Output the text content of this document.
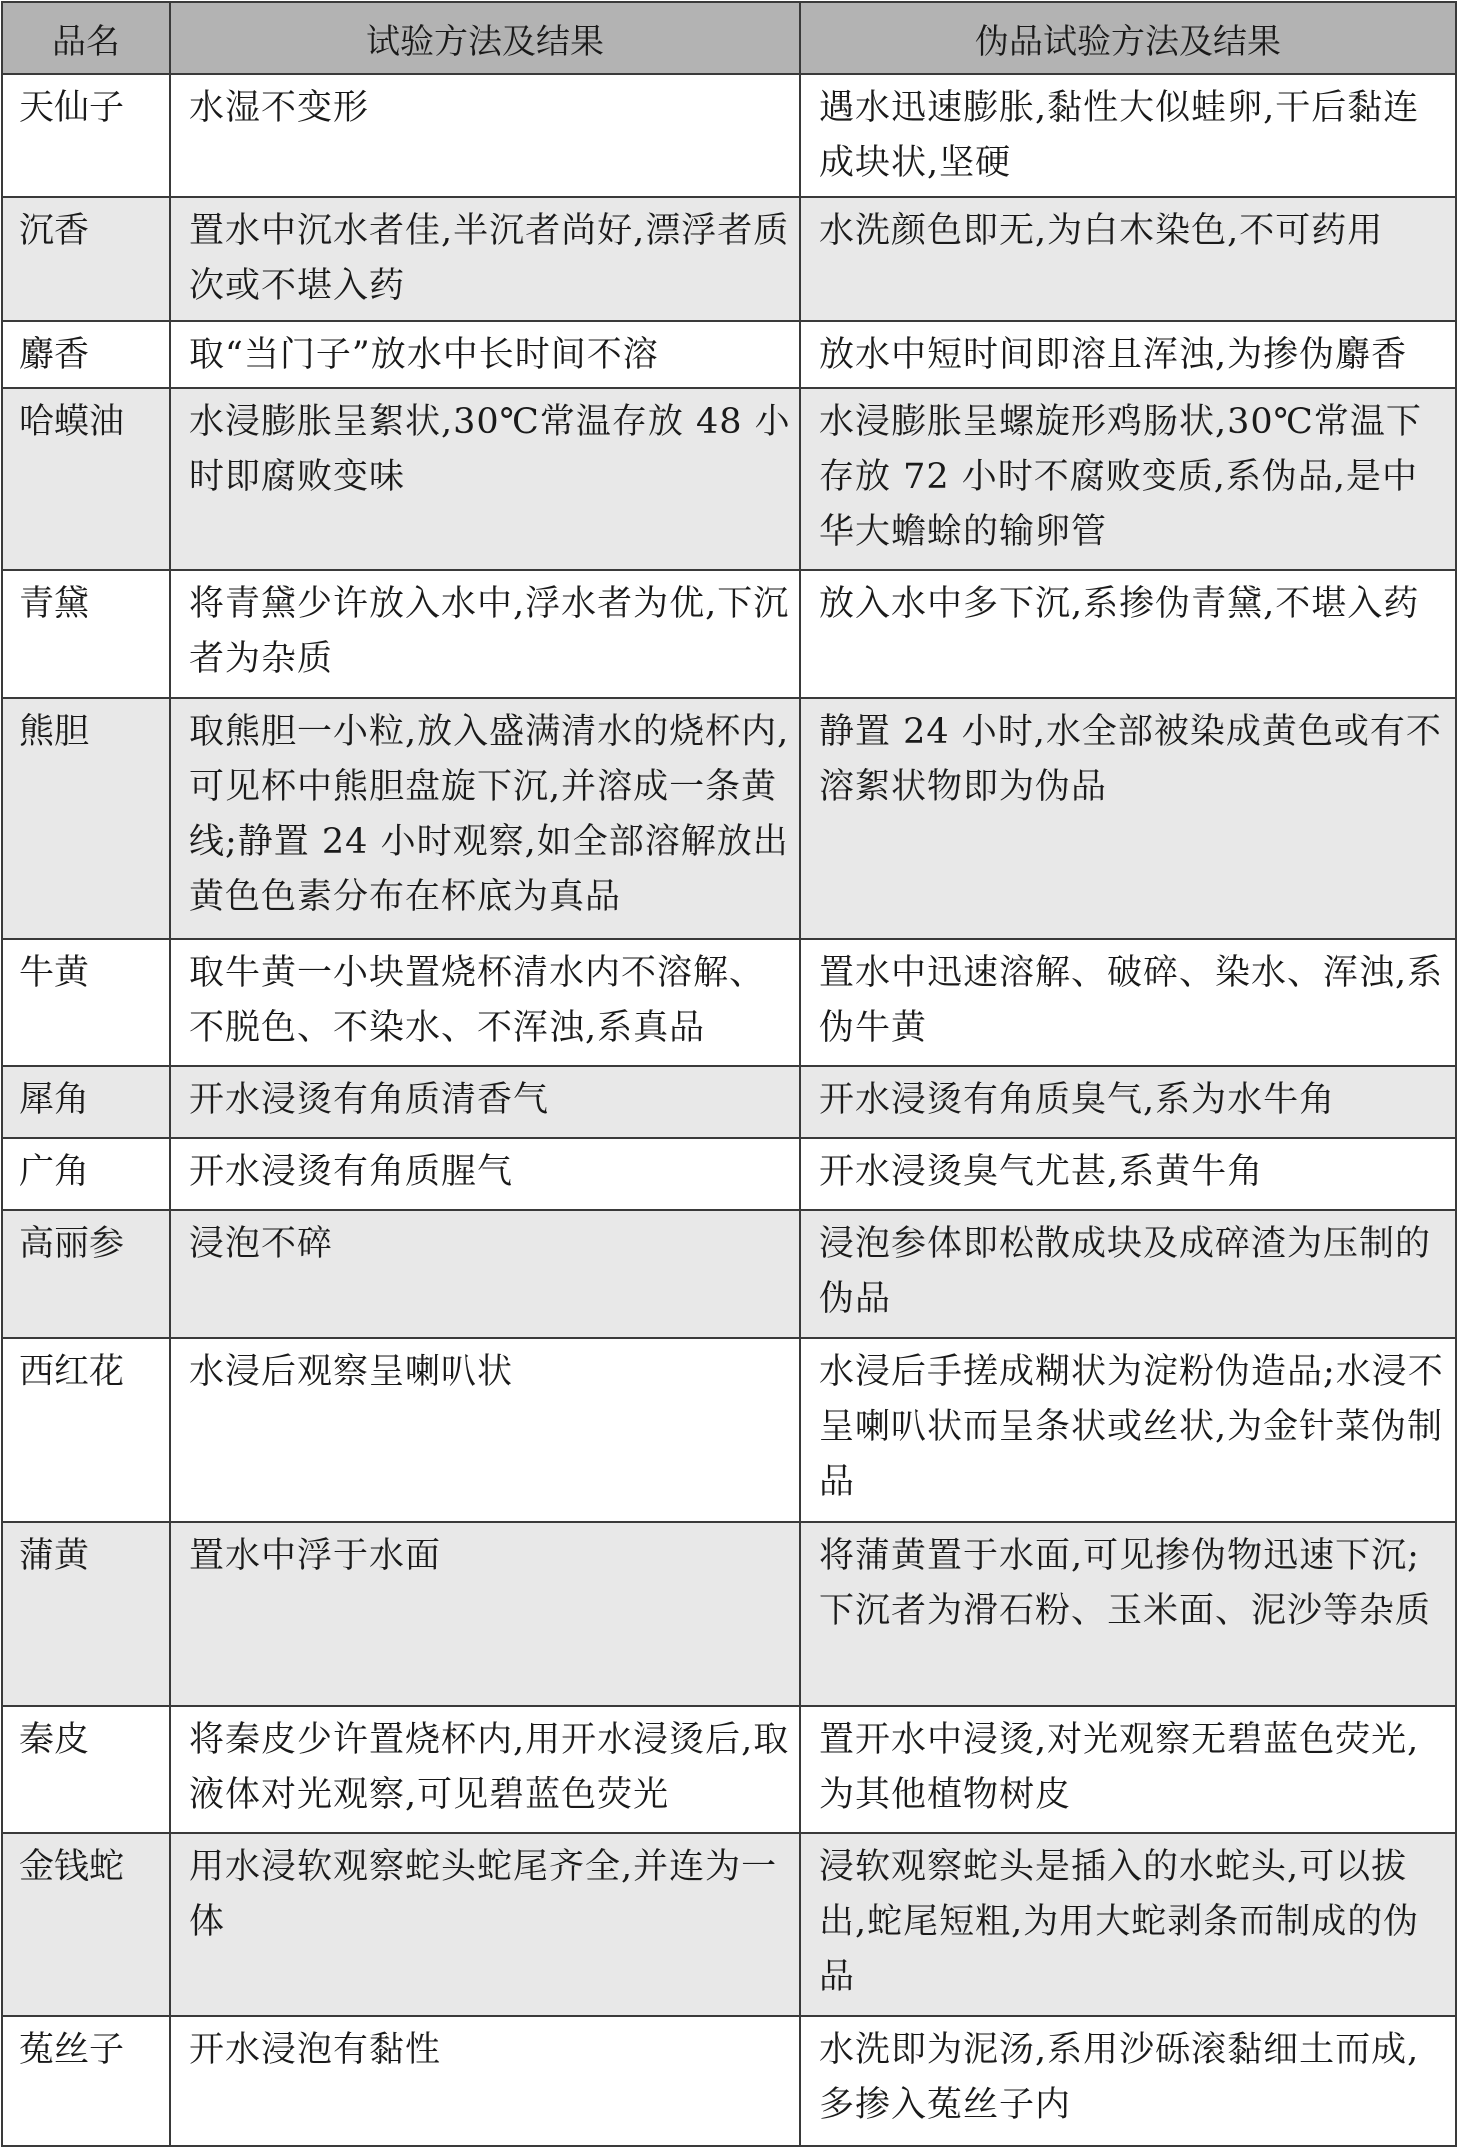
品名	试验方法及结果	伪品试验方法及结果
天仙子	水湿不变形	遇水迅速膨胀,黏性大似蛙卵,干后黏连成块状,坚硬
沉香	置水中沉水者佳,半沉者尚好,漂浮者质次或不堪入药	水洗颜色即无,为白木染色,不可药用
麝香	取“当门子”放水中长时间不溶	放水中短时间即溶且浑浊,为掺伪麝香
哈蟆油	水浸膨胀呈絮状,30℃常温存放 48 小时即腐败变味	水浸膨胀呈螺旋形鸡肠状,30℃常温下存放 72 小时不腐败变质,系伪品,是中华大蟾蜍的输卵管
青黛	将青黛少许放入水中,浮水者为优,下沉者为杂质	放入水中多下沉,系掺伪青黛,不堪入药
熊胆	取熊胆一小粒,放入盛满清水的烧杯内,可见杯中熊胆盘旋下沉,并溶成一条黄线;静置 24 小时观察,如全部溶解放出黄色色素分布在杯底为真品	静置 24 小时,水全部被染成黄色或有不溶絮状物即为伪品
牛黄	取牛黄一小块置烧杯清水内不溶解、不脱色、不染水、不浑浊,系真品	置水中迅速溶解、破碎、染水、浑浊,系伪牛黄
犀角	开水浸烫有角质清香气	开水浸烫有角质臭气,系为水牛角
广角	开水浸烫有角质腥气	开水浸烫臭气尤甚,系黄牛角
高丽参	浸泡不碎	浸泡参体即松散成块及成碎渣为压制的伪品
西红花	水浸后观察呈喇叭状	水浸后手搓成糊状为淀粉伪造品;水浸不呈喇叭状而呈条状或丝状,为金针菜伪制品
蒲黄	置水中浮于水面	将蒲黄置于水面,可见掺伪物迅速下沉;下沉者为滑石粉、玉米面、泥沙等杂质
秦皮	将秦皮少许置烧杯内,用开水浸烫后,取液体对光观察,可见碧蓝色荧光	置开水中浸烫,对光观察无碧蓝色荧光,为其他植物树皮
金钱蛇	用水浸软观察蛇头蛇尾齐全,并连为一体	浸软观察蛇头是插入的水蛇头,可以拔出,蛇尾短粗,为用大蛇剥条而制成的伪品
菟丝子	开水浸泡有黏性	水洗即为泥汤,系用沙砾滚黏细土而成,多掺入菟丝子内
